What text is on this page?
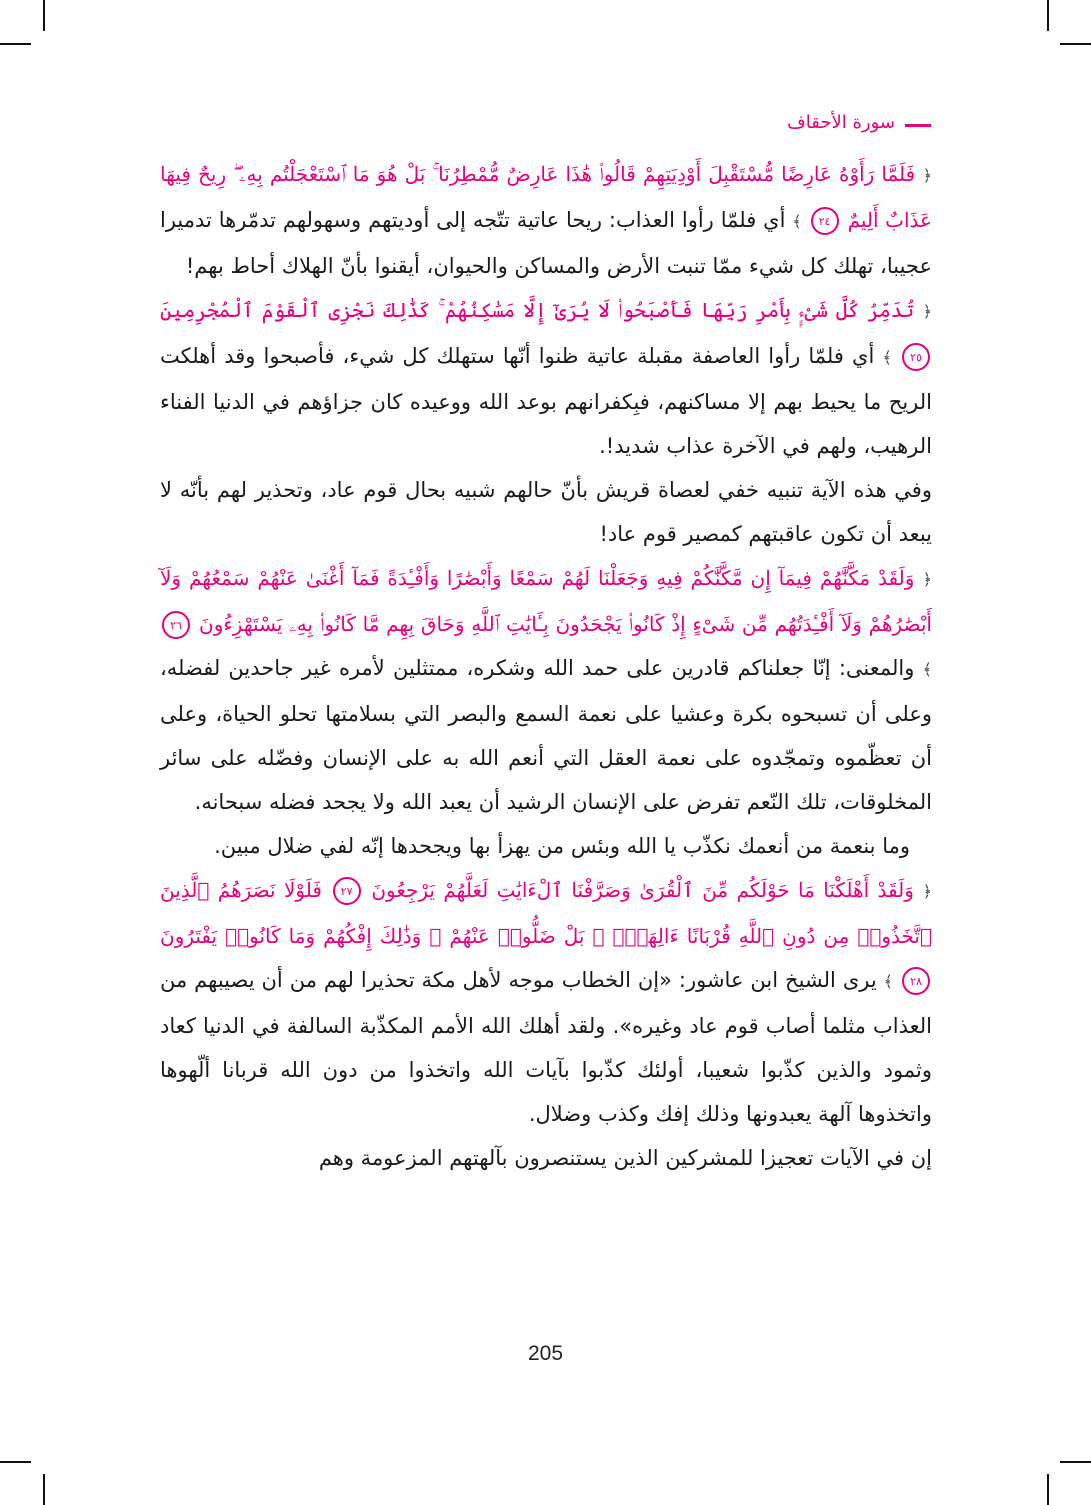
سورة الأحقاف

﴿ فَلَمَّا رَأَوْهُ عَارِضًا مُّسْتَقْبِلَ أَوْدِيَتِهِمْ قَالُوا۟ هَٰذَا عَارِضٌ مُّمْطِرُنَا ۚ بَلْ هُوَ مَا ٱسْتَعْجَلْتُم بِهِۦ ۖ رِيحٌ فِيهَا عَذَابٌ أَلِيمٌ ٢٤ ﴾ أي فلمّا رأوا العذاب: ريحا عاتية تتّجه إلى أوديتهم وسهولهم تدمّرها تدميرا عجيبا، تهلك كل شيء ممّا تنبت الأرض والمساكن والحيوان، أيقنوا بأنّ الهلاك أحاط بهم!

﴿ تُدَمِّرُ كُلَّ شَىْءٍۭ بِأَمْرِ رَبِّهَا فَأَصْبَحُوا۟ لَا يُرَىٰٓ إِلَّا مَسَٰكِنُهُمْ ۚ كَذَٰلِكَ نَجْزِى ٱلْقَوْمَ ٱلْمُجْرِمِينَ ٢٥ ﴾ أي فلمّا رأوا العاصفة مقبلة عاتية ظنوا أنّها ستهلك كل شيء، فأصبحوا وقد أهلكت الريح ما يحيط بهم إلا مساكنهم، فبِكفرانهم بوعد الله ووعيده كان جزاؤهم في الدنيا الفناء الرهيب، ولهم في الآخرة عذاب شديد!.

وفي هذه الآية تنبيه خفي لعصاة قريش بأنّ حالهم شبيه بحال قوم عاد، وتحذير لهم بأنّه لا يبعد أن تكون عاقبتهم كمصير قوم عاد!

﴿ وَلَقَدْ مَكَّنَّٰهُمْ فِيمَآ إِن مَّكَّنَّٰكُمْ فِيهِ وَجَعَلْنَا لَهُمْ سَمْعًا وَأَبْصَٰرًا وَأَفْـِٔدَةً فَمَآ أَغْنَىٰ عَنْهُمْ سَمْعُهُمْ وَلَآ أَبْصَٰرُهُمْ وَلَآ أَفْـِٔدَتُهُم مِّن شَىْءٍ إِذْ كَانُوا۟ يَجْحَدُونَ بِـَٔايَٰتِ ٱللَّهِ وَحَاقَ بِهِم مَّا كَانُوا۟ بِهِۦ يَسْتَهْزِءُونَ ٢٦ ﴾ والمعنى: إنّا جعلناكم قادرين على حمد الله وشكره، ممتثلين لأمره غير جاحدين لفضله، وعلى أن تسبحوه بكرة وعشيا على نعمة السمع والبصر التي بسلامتها تحلو الحياة، وعلى أن تعظّموه وتمجّدوه على نعمة العقل التي أنعم الله به على الإنسان وفضّله على سائر المخلوقات، تلك النّعم تفرض على الإنسان الرشيد أن يعبد الله ولا يجحد فضله سبحانه.

وما بنعمة من أنعمك نكذّب يا الله وبئس من يهزأ بها ويجحدها إنّه لفي ضلال مبين.

﴿ وَلَقَدْ أَهْلَكْنَا مَا حَوْلَكُم مِّنَ ٱلْقُرَىٰ وَصَرَّفْنَا ٱلْءَايَٰتِ لَعَلَّهُمْ يَرْجِعُونَ ٢٧ فَلَوْلَا نَصَرَهُمُ ٱلَّذِينَ ٱتَّخَذُوا۟ مِن دُونِ ٱللَّهِ قُرْبَانًا ءَالِهَةًۢ ۖ بَلْ ضَلُّوا۟ عَنْهُمْ ۚ وَذَٰلِكَ إِفْكُهُمْ وَمَا كَانُوا۟ يَفْتَرُونَ ٢٨ ﴾ يرى الشيخ ابن عاشور: «إن الخطاب موجه لأهل مكة تحذيرا لهم من أن يصيبهم من العذاب مثلما أصاب قوم عاد وغيره». ولقد أهلك الله الأمم المكذّبة السالفة في الدنيا كعاد وثمود والذين كذّبوا شعيبا، أولئك كذّبوا بآيات الله واتخذوا من دون الله قربانا ألّهوها واتخذوها آلهة يعبدونها وذلك إفك وكذب وضلال.

إن في الآيات تعجيزا للمشركين الذين يستنصرون بآلهتهم المزعومة وهم

205
